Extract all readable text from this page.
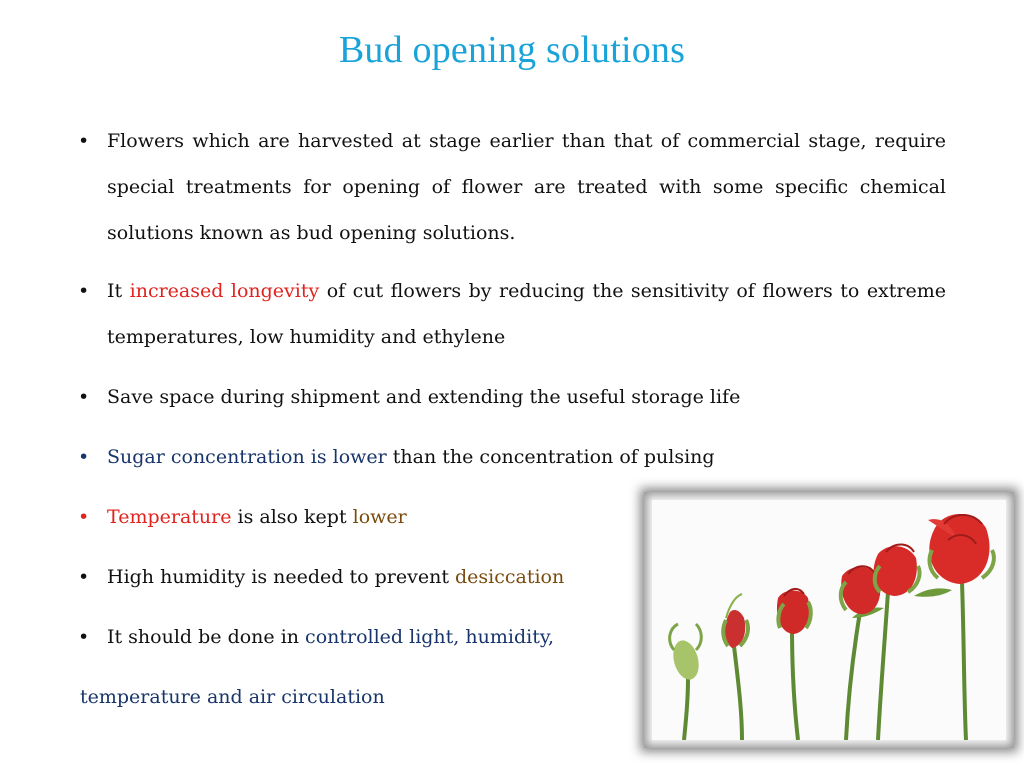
Bud opening solutions
• Flowers which are harvested at stage earlier than that of commercial stage, require special treatments for opening of flower are treated with some specific chemical solutions known as bud opening solutions.
• It increased longevity of cut flowers by reducing the sensitivity of flowers to extreme temperatures, low humidity and ethylene
• Save space during shipment and extending the useful storage life
• Sugar concentration is lower than the concentration of pulsing
• Temperature is also kept lower
• High humidity is needed to prevent desiccation
• It should be done in controlled light, humidity,
temperature and air circulation
